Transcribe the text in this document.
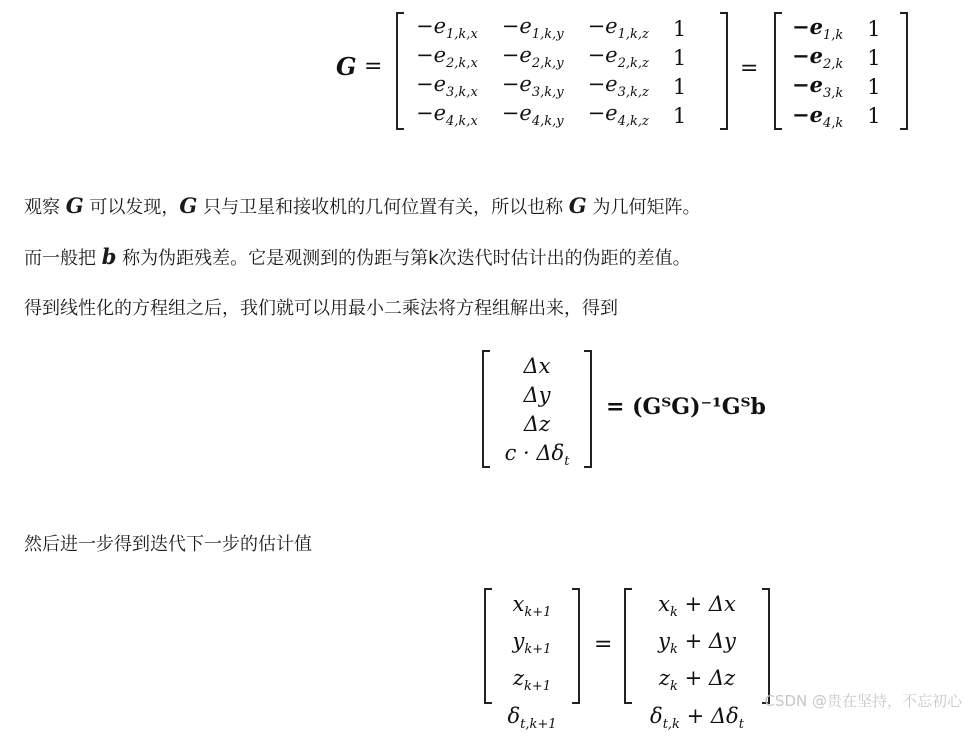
G =
$-e_{1,k,x}$	$-e_{1,k,y}$	$-e_{1,k,z}$	1
$-e_{2,k,x}$	$-e_{2,k,y}$	$-e_{2,k,z}$	1
$-e_{3,k,x}$	$-e_{3,k,y}$	$-e_{3,k,z}$	1
$-e_{4,k,x}$	$-e_{4,k,y}$	$-e_{4,k,z}$	1
=
$-e_{1,k}$	1
$-e_{2,k}$	1
$-e_{3,k}$	1
$-e_{4,k}$	1

观察 G 可以发现，G 只与卫星和接收机的几何位置有关，所以也称 G 为几何矩阵。

而一般把 b 称为伪距残差。它是观测到的伪距与第k次迭代时估计出的伪距的差值。

得到线性化的方程组之后，我们就可以用最小二乘法将方程组解出来，得到

Δx
Δy
Δz
$c \cdot \Delta\delta_t$
= (GᵀG)⁻¹Gᵀb

然后进一步得到迭代下一步的估计值

$x_{k+1}$
$y_{k+1}$
$z_{k+1}$
$\delta_{t,k+1}$
=
$x_k + \Delta x$
$y_k + \Delta y$
$z_k + \Delta z$
$\delta_{t,k} + \Delta\delta_t$
CSDN @贵在坚持，不忘初心
